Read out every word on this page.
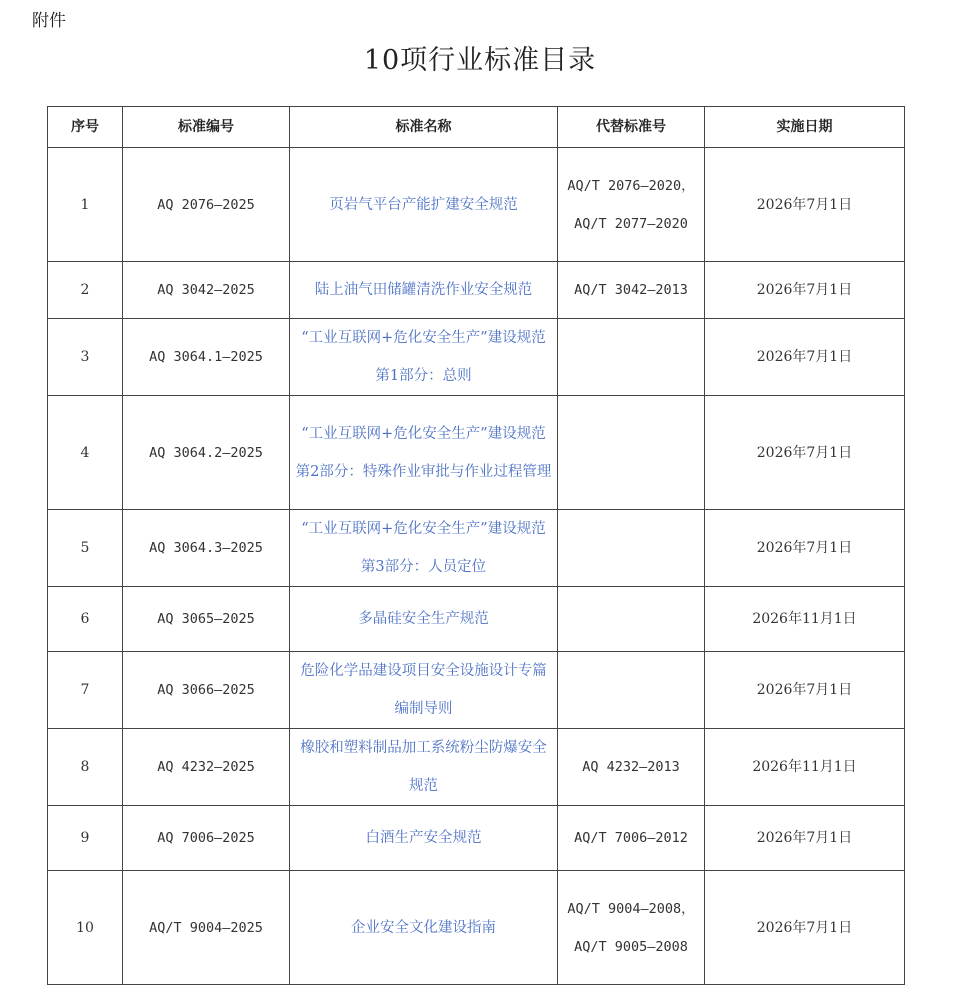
附件
10项行业标准目录
序号	标准编号	标准名称	代替标准号	实施日期
1	AQ 2076—2025	页岩气平台产能扩建安全规范	AQ/T 2076—2020，AQ/T 2077—2020	2026年7月1日
2	AQ 3042—2025	陆上油气田储罐清洗作业安全规范	AQ/T 3042—2013	2026年7月1日
3	AQ 3064.1—2025	“工业互联网+危化安全生产”建设规范 第1部分：总则		2026年7月1日
4	AQ 3064.2—2025	“工业互联网+危化安全生产”建设规范 第2部分：特殊作业审批与作业过程管理		2026年7月1日
5	AQ 3064.3—2025	“工业互联网+危化安全生产”建设规范 第3部分：人员定位		2026年7月1日
6	AQ 3065—2025	多晶硅安全生产规范		2026年11月1日
7	AQ 3066—2025	危险化学品建设项目安全设施设计专篇编制导则		2026年7月1日
8	AQ 4232—2025	橡胶和塑料制品加工系统粉尘防爆安全规范	AQ 4232—2013	2026年11月1日
9	AQ 7006—2025	白酒生产安全规范	AQ/T 7006—2012	2026年7月1日
10	AQ/T 9004—2025	企业安全文化建设指南	AQ/T 9004—2008，AQ/T 9005—2008	2026年7月1日
